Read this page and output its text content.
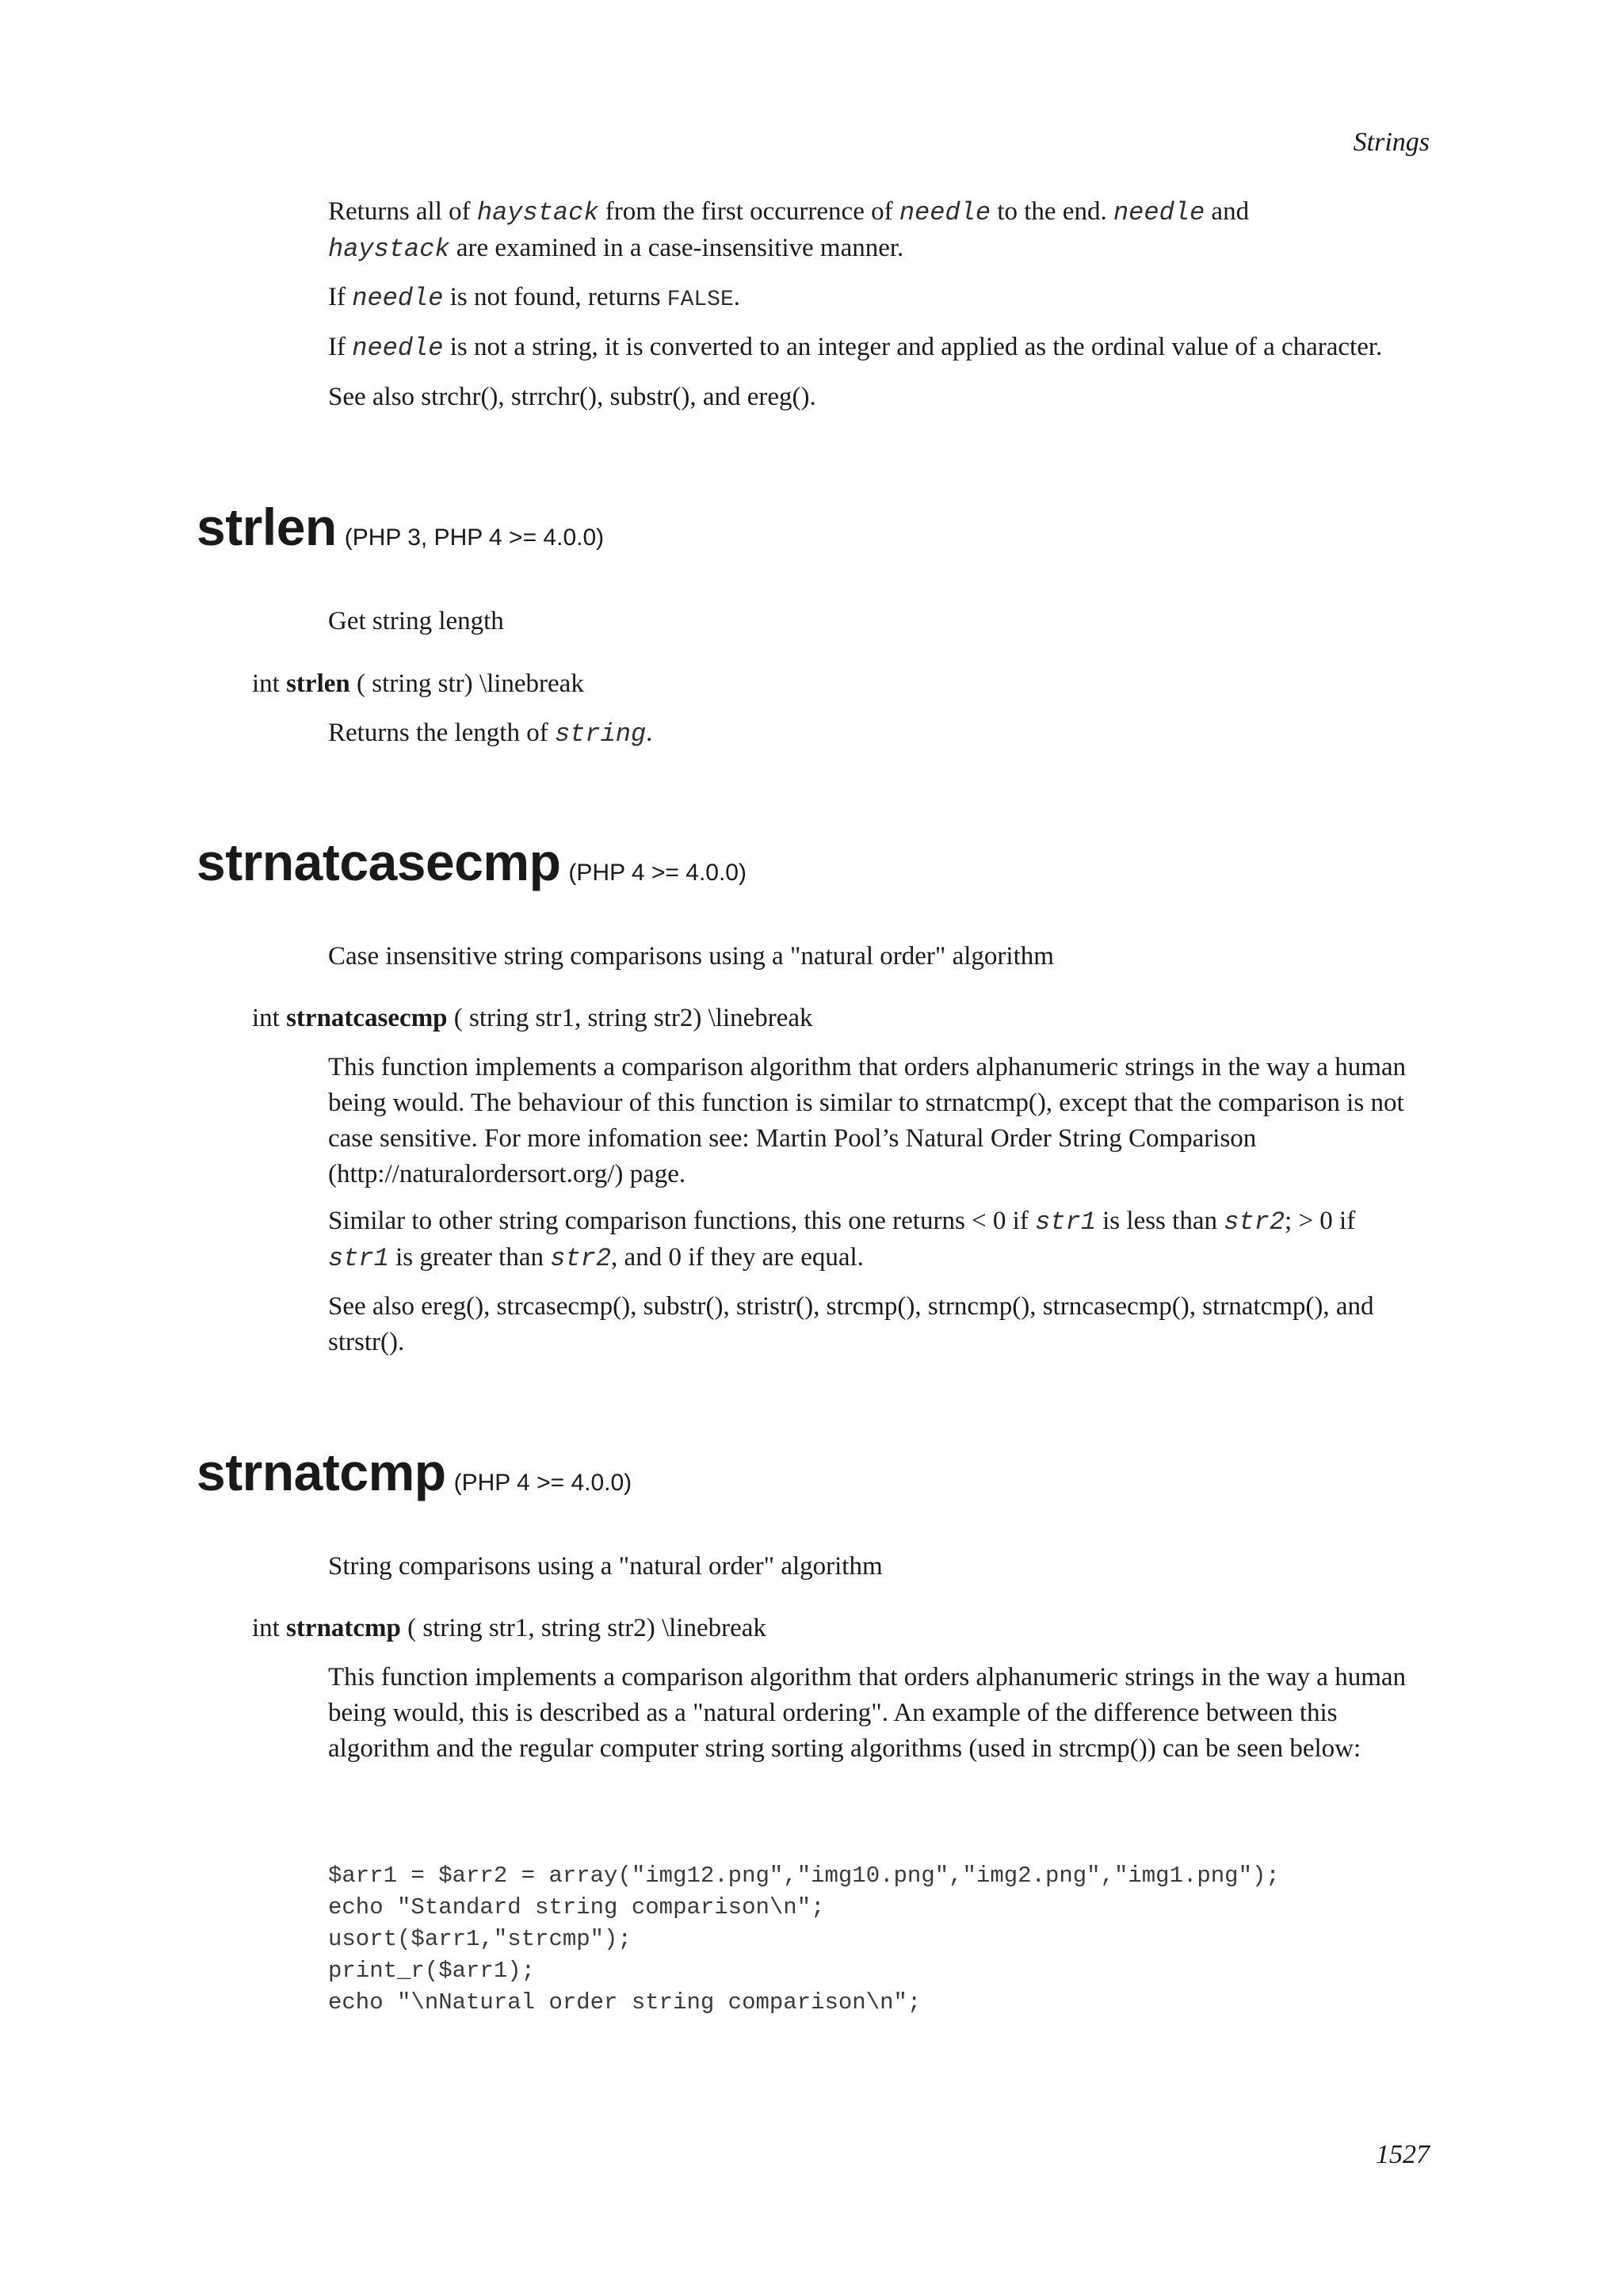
Strings

Returns all of haystack from the first occurrence of needle to the end. needle and
haystack are examined in a case-insensitive manner.

If needle is not found, returns FALSE.

If needle is not a string, it is converted to an integer and applied as the ordinal value of a character.

See also strchr(), strrchr(), substr(), and ereg().

strlen (PHP 3, PHP 4 >= 4.0.0)

Get string length

int strlen ( string str) \linebreak

Returns the length of string.

strnatcasecmp (PHP 4 >= 4.0.0)

Case insensitive string comparisons using a "natural order" algorithm

int strnatcasecmp ( string str1, string str2) \linebreak

This function implements a comparison algorithm that orders alphanumeric strings in the way a human being would. The behaviour of this function is similar to strnatcmp(), except that the comparison is not case sensitive. For more infomation see: Martin Pool’s Natural Order String Comparison (http://naturalordersort.org/) page.

Similar to other string comparison functions, this one returns < 0 if str1 is less than str2; > 0 if
str1 is greater than str2, and 0 if they are equal.

See also ereg(), strcasecmp(), substr(), stristr(), strcmp(), strncmp(), strncasecmp(), strnatcmp(), and strstr().

strnatcmp (PHP 4 >= 4.0.0)

String comparisons using a "natural order" algorithm

int strnatcmp ( string str1, string str2) \linebreak

This function implements a comparison algorithm that orders alphanumeric strings in the way a human being would, this is described as a "natural ordering". An example of the difference between this algorithm and the regular computer string sorting algorithms (used in strcmp()) can be seen below:

$arr1 = $arr2 = array("img12.png","img10.png","img2.png","img1.png");
echo "Standard string comparison\n";
usort($arr1,"strcmp");
print_r($arr1);
echo "\nNatural order string comparison\n";
1527
